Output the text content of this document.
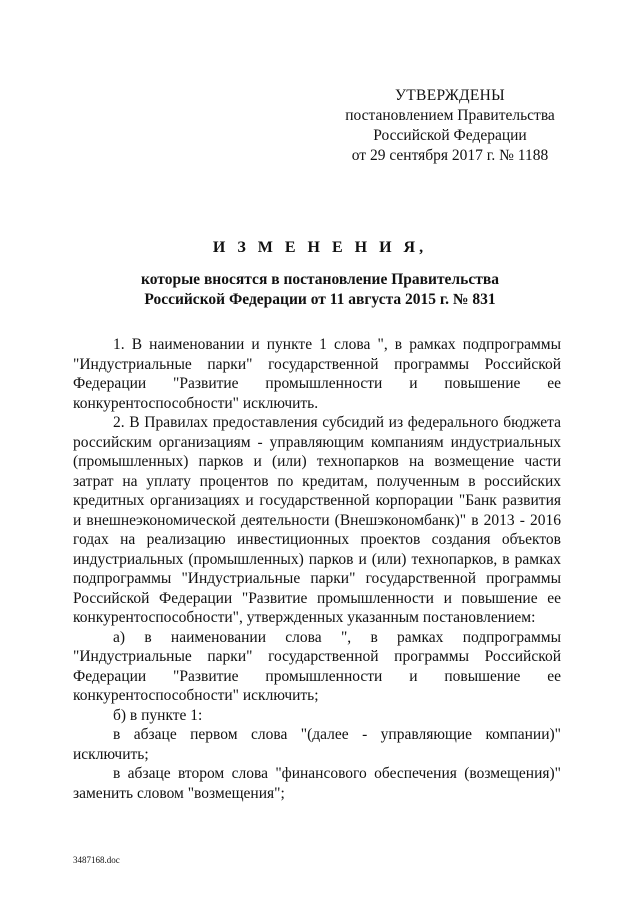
УТВЕРЖДЕНЫ
постановлением Правительства
Российской Федерации
от 29 сентября 2017 г. № 1188
И З М Е Н Е Н И Я,
которые вносятся в постановление Правительства
Российской Федерации от 11 августа 2015 г. № 831

1. В наименовании и пункте 1 слова ", в рамках подпрограммы "Индустриальные парки" государственной программы Российской Федерации "Развитие промышленности и повышение ее конкурентоспособности" исключить.

2. В Правилах предоставления субсидий из федерального бюджета российским организациям - управляющим компаниям индустриальных (промышленных) парков и (или) технопарков на возмещение части затрат на уплату процентов по кредитам, полученным в российских кредитных организациях и государственной корпорации "Банк развития и внешнеэкономической деятельности (Внешэкономбанк)" в 2013 - 2016 годах на реализацию инвестиционных проектов создания объектов индустриальных (промышленных) парков и (или) технопарков, в рамках подпрограммы "Индустриальные парки" государственной программы Российской Федерации "Развитие промышленности и повышение ее конкурентоспособности", утвержденных указанным постановлением:

а) в наименовании слова ", в рамках подпрограммы "Индустриальные парки" государственной программы Российской Федерации "Развитие промышленности и повышение ее конкурентоспособности" исключить;

б) в пункте 1:

в абзаце первом слова "(далее - управляющие компании)" исключить;

в абзаце втором слова "финансового обеспечения (возмещения)" заменить словом "возмещения";

3487168.doc
